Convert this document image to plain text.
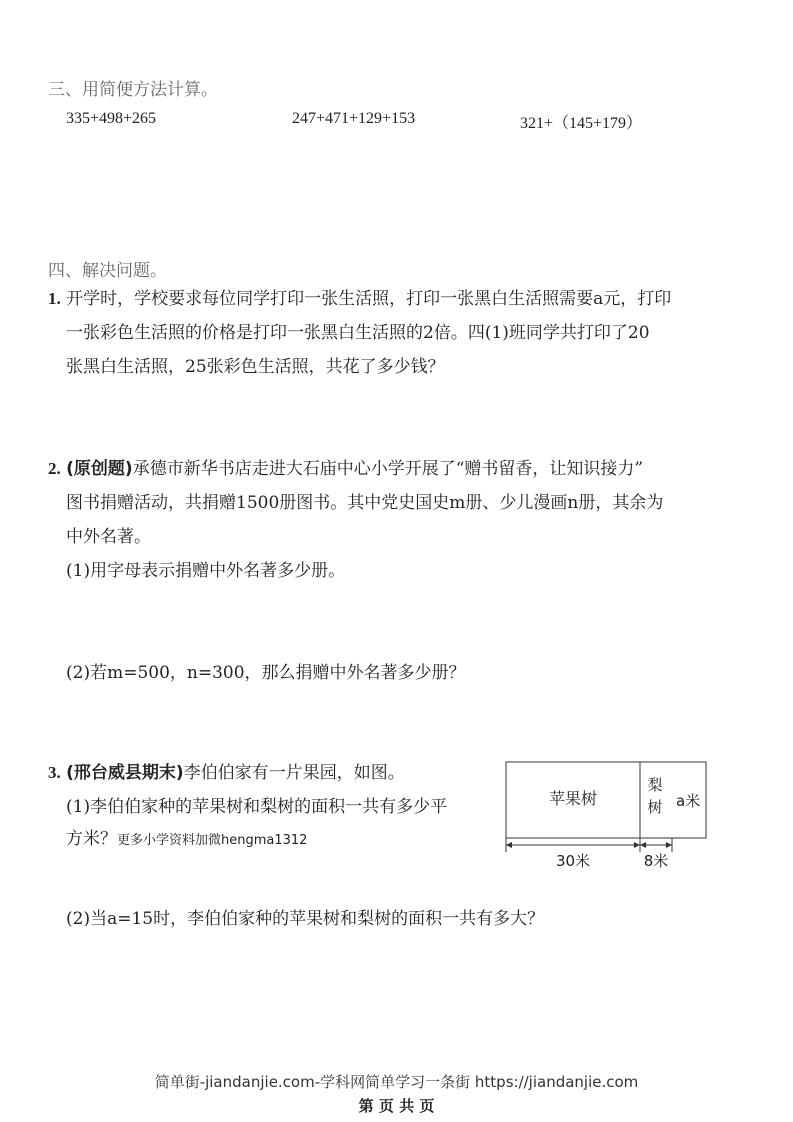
三、用简便方法计算。
335+498+265	247+471+129+153	321+（145+179）
四、解决问题。
1. 开学时，学校要求每位同学打印一张生活照，打印一张黑白生活照需要a元，打印
一张彩色生活照的价格是打印一张黑白生活照的2倍。四(1)班同学共打印了20
张黑白生活照，25张彩色生活照，共花了多少钱？
2. (原创题)承德市新华书店走进大石庙中心小学开展了“赠书留香，让知识接力”
图书捐赠活动，共捐赠1500册图书。其中党史国史m册、少儿漫画n册，其余为
中外名著。
(1)用字母表示捐赠中外名著多少册。
(2)若m=500，n=300，那么捐赠中外名著多少册？
3. (邢台威县期末)李伯伯家有一片果园，如图。
(1)李伯伯家种的苹果树和梨树的面积一共有多少平
方米？更多小学资料加微hengma1312
(2)当a=15时，李伯伯家种的苹果树和梨树的面积一共有多大？
苹果树
梨
树 a米
30米	8米
简单街-jiandanjie.com-学科网简单学习一条街 https://jiandanjie.com
第 页 共 页
